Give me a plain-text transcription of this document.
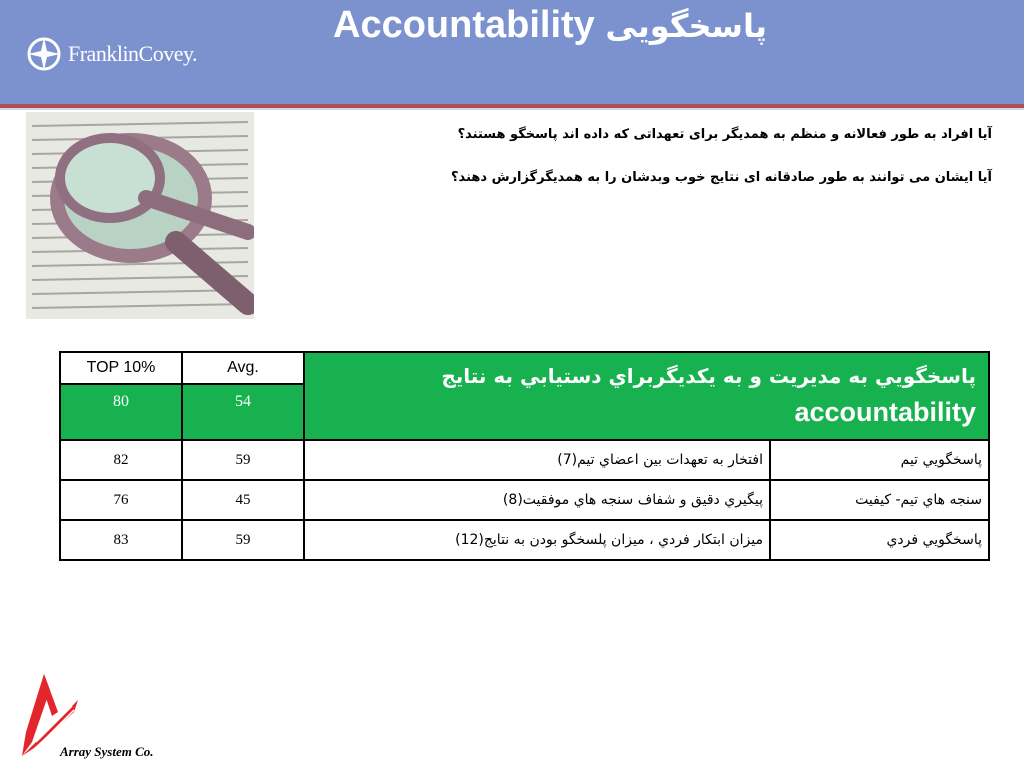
FranklinCovey.
Accountability پاسخگویی
آیا افراد به طور فعالانه و منظم به همدیگر برای تعهداتی که داده اند پاسخگو هستند؟
آیا ایشان می توانند به طور صادقانه ای نتایج خوب وبدشان را به همدیگرگزارش دهند؟
TOP 10%	Avg.	پاسخگويي به مديريت و به يكديگربراي دستيابي به نتايج
accountability	

80	54		
82	59	افتخار به تعهدات بين اعضاي تيم(7)	پاسخگويي تيم
76	45	پيگيري دقيق و شفاف سنجه هاي موفقيت(8)	سنجه هاي تيم- كيفيت
83	59	ميزان ابتكار فردي ، ميزان پلسخگو بودن به نتايج(12)	پاسخگويي فردي
Array System Co.
